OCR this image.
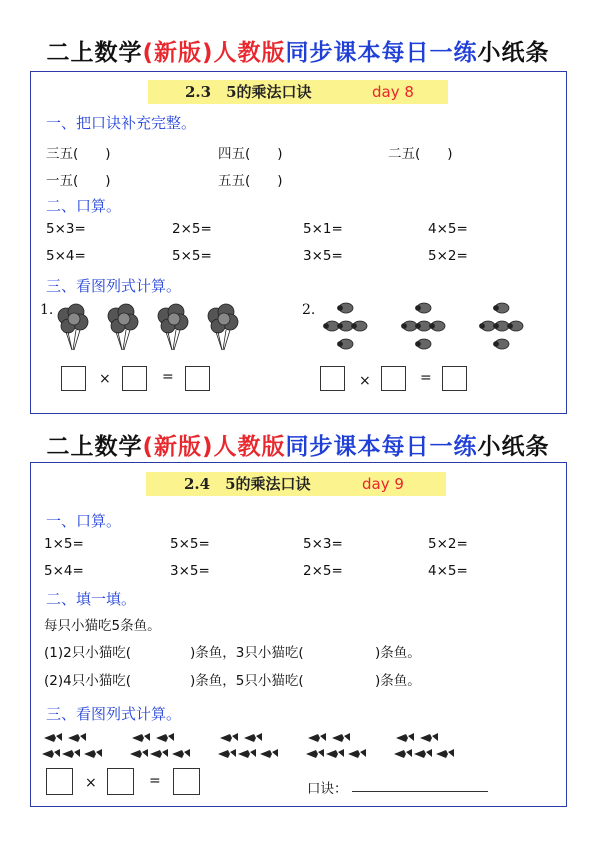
二上数学(新版)人教版同步课本每日一练小纸条
2.3　5的乘法口诀	day 8
一、把口诀补充完整。
三五(　　)	四五(　　)	二五(　　)
一五(　　)	五五(　　)
二、口算。
5×3=	2×5=	5×1=	4×5=
5×4=	5×5=	3×5=	5×2=
三、看图列式计算。
1.	2.
×	=	×	=
二上数学(新版)人教版同步课本每日一练小纸条
2.4　5的乘法口诀	day 9
一、口算。
1×5=	5×5=	5×3=	5×2=
5×4=	3×5=	2×5=	4×5=
二、填一填。
每只小猫吃5条鱼。
(1)2只小猫吃(	)条鱼，3只小猫吃(	)条鱼。
(2)4只小猫吃(	)条鱼，5只小猫吃(	)条鱼。
三、看图列式计算。
×	=	口诀：
